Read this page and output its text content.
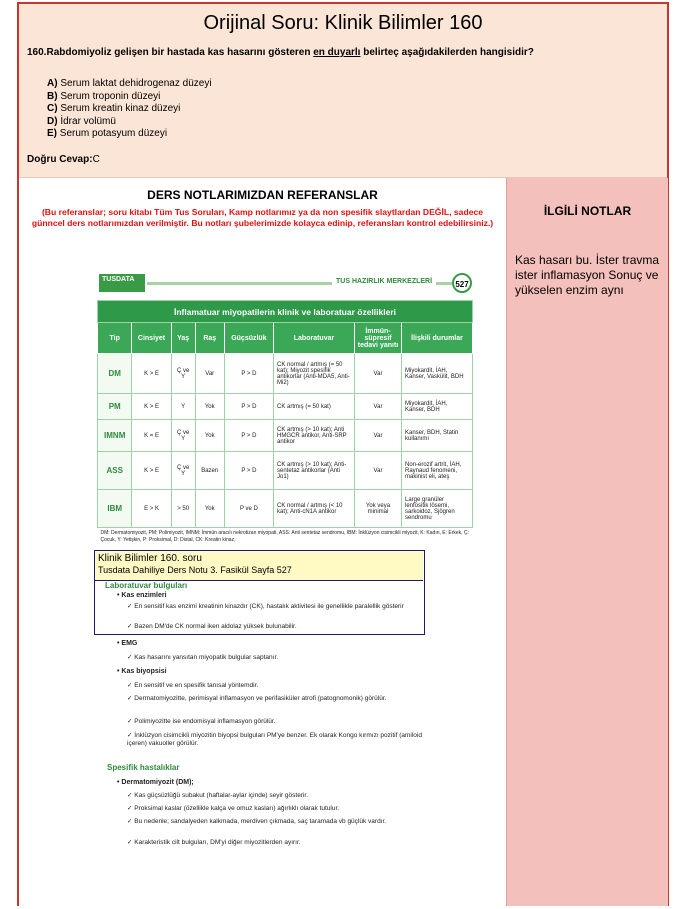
Orijinal Soru: Klinik Bilimler 160
160.Rabdomiyoliz gelişen bir hastada kas hasarını gösteren en duyarlı belirteç aşağıdakilerden hangisidir?
A) Serum laktat dehidrogenaz düzeyi
B) Serum troponin düzeyi
C) Serum kreatin kinaz düzeyi
D) İdrar volümü
E) Serum potasyum düzeyi
Doğru Cevap:C
DERS NOTLARIMIZDAN REFERANSLAR
(Bu referanslar; soru kitabı Tüm Tus Soruları, Kamp notlarımız ya da non spesifik slaytlardan DEĞİL, sadece günncel ders notlarımızdan verilmiştir. Bu notları şubelerimizde kolayca edinip, referansları kontrol edebilirsiniz.)
TUSDATA	TUS HAZIRLIK MERKEZLERİ	527
İnflamatuar miyopatilerin klinik ve laboratuar özellikleri							
Tip	Cinsiyet	Yaş	Raş	Güçsüzlük	Laboratuvar	İmmün-süpresif tedavi yanıtı	İlişkili durumlar
DM	K > E	Ç ve Y	Var	P > D	CK normal / artmış (= 50 kat); Miyozit spesifik antikorlar (Anti-MDA5, Anti-Mi2)	Var	Miyokardit, İAH, Kanser, Vaskülit, BDH
PM	K > E	Y	Yok	P > D	CK artmış (= 50 kat)	Var	Miyokardit, İAH, Kanser, BDH
IMNM	K = E	Ç ve Y	Yok	P > D	CK artmış (> 10 kat); Anti HMGCR antikor, Anti-SRP antikor	Var	Kanser, BDH, Statin kullanımı
ASS	K > E	Ç ve Y	Bazen	P > D	CK artmış (> 10 kat); Anti-sentetaz antikorlar (Anti Jo1)	Var	Non-erozif artrit, İAH, Raynaud fenomeni, makinist eli, ateş
IBM	E > K	> 50	Yok	P ve D	CK normal / artmış (< 10 kat); Anti-cN1A antikor	Yok veya minimal	Large granüler lenfositik lösemi, sarkoidoz, Sjögren sendromu
DM: Dermatomiyozit, PM: Polimiyozit, IMNM: İmmün aracılı nekrotizan miyopati, ASS: Anti sentetaz sendromu, IBM: İnklüzyon cisimcikli miyozit, K: Kadın, E: Erkek, Ç: Çocuk, Y: Yetişkin, P: Proksimal, D: Distal, CK: Kreatin kinaz,							
Klinik Bilimler 160. soru
Tusdata Dahiliye Ders Notu 3. Fasikül Sayfa 527
Laboratuvar bulguları
• Kas enzimleri
✓ En sensitif kas enzimi kreatinin kinazdır (CK), hastalık aktivitesi ile genellikle paralellik gösterir
✓ Bazen DM'de CK normal iken aldolaz yüksek bulunabilir.
• EMG
✓ Kas hasarını yansıtan miyopatik bulgular saptanır.
• Kas biyopsisi
✓ En sensitif ve en spesifik tanısal yöntemdir.
✓ Dermatomiyozitte, perimisyal inflamasyon ve perifasiküler atrofi (patognomonik) görülür.
✓ Polimiyozitte ise endomisyal inflamasyon görülür.
✓ İnklüzyon cisimcikli miyozitin biyopsi bulguları PM'ye benzer. Ek olarak Kongo kırmızı pozitif (amiloid içeren) vakuoller görülür.
Spesifik hastalıklar
• Dermatomiyozit (DM);
✓ Kas güçsüzlüğü subakut (haftalar-aylar içinde) seyir gösterir.
✓ Proksimal kaslar (özellikle kalça ve omuz kasları) ağırlıklı olarak tutulur.
✓ Bu nedenle; sandalyeden kalkmada, merdiven çıkmada, saç taramada vb güçlük vardır.
✓ Karakteristik cilt bulguları, DM'yi diğer miyozitlerden ayırır.
İLGİLİ NOTLAR
Kas hasarı bu. İster travma ister inflamasyon Sonuç ve yükselen enzim aynı
